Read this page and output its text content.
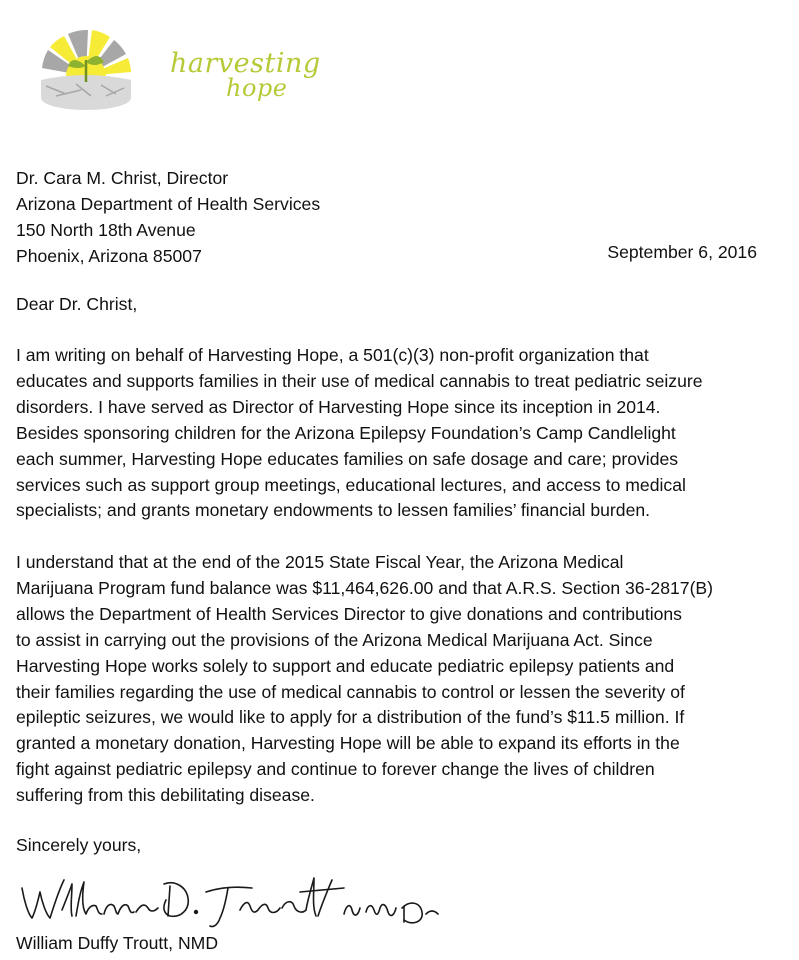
harvesting
hope
Dr. Cara M. Christ, Director
Arizona Department of Health Services
150 North 18th Avenue
Phoenix, Arizona 85007	September 6, 2016
Dear Dr. Christ,
I am writing on behalf of Harvesting Hope, a 501(c)(3) non-profit organization that
educates and supports families in their use of medical cannabis to treat pediatric seizure
disorders. I have served as Director of Harvesting Hope since its inception in 2014.
Besides sponsoring children for the Arizona Epilepsy Foundation’s Camp Candlelight
each summer, Harvesting Hope educates families on safe dosage and care; provides
services such as support group meetings, educational lectures, and access to medical
specialists; and grants monetary endowments to lessen families’ financial burden.
I understand that at the end of the 2015 State Fiscal Year, the Arizona Medical
Marijuana Program fund balance was $11,464,626.00 and that A.R.S. Section 36-2817(B)
allows the Department of Health Services Director to give donations and contributions
to assist in carrying out the provisions of the Arizona Medical Marijuana Act. Since
Harvesting Hope works solely to support and educate pediatric epilepsy patients and
their families regarding the use of medical cannabis to control or lessen the severity of
epileptic seizures, we would like to apply for a distribution of the fund’s $11.5 million. If
granted a monetary donation, Harvesting Hope will be able to expand its efforts in the
fight against pediatric epilepsy and continue to forever change the lives of children
suffering from this debilitating disease.
Sincerely yours,
William Duffy Troutt, NMD
